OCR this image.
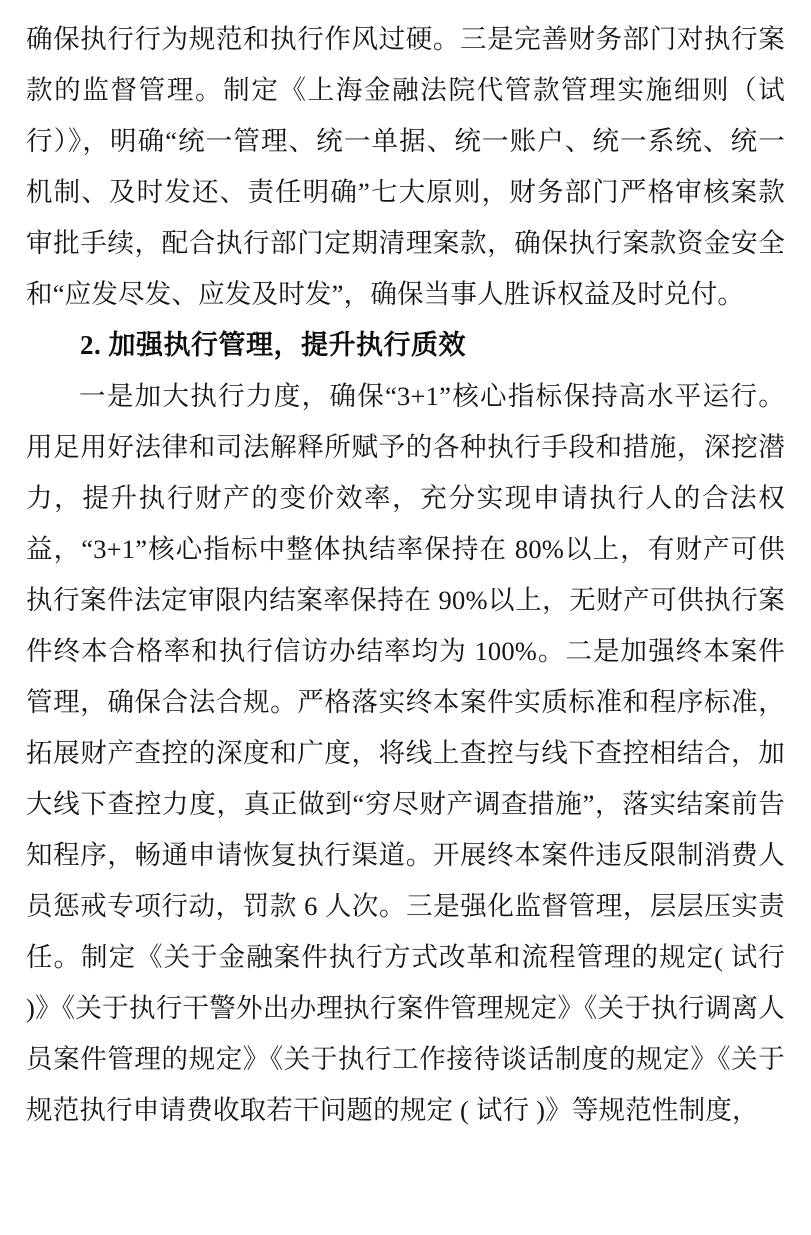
确保执行行为规范和执行作风过硬。三是完善财务部门对执行案款的监督管理。制定《上海金融法院代管款管理实施细则（试行）》，明确“统一管理、统一单据、统一账户、统一系统、统一机制、及时发还、责任明确”七大原则，财务部门严格审核案款审批手续，配合执行部门定期清理案款，确保执行案款资金安全和“应发尽发、应发及时发”，确保当事人胜诉权益及时兑付。

2. 加强执行管理，提升执行质效

一是加大执行力度，确保“3+1”核心指标保持高水平运行。用足用好法律和司法解释所赋予的各种执行手段和措施，深挖潜力，提升执行财产的变价效率，充分实现申请执行人的合法权益，“3+1”核心指标中整体执结率保持在 80%以上，有财产可供执行案件法定审限内结案率保持在 90%以上，无财产可供执行案件终本合格率和执行信访办结率均为 100%。二是加强终本案件管理，确保合法合规。严格落实终本案件实质标准和程序标准，拓展财产查控的深度和广度，将线上查控与线下查控相结合，加大线下查控力度，真正做到“穷尽财产调查措施”，落实结案前告知程序，畅通申请恢复执行渠道。开展终本案件违反限制消费人员惩戒专项行动，罚款 6 人次。三是强化监督管理，层层压实责任。制定《关于金融案件执行方式改革和流程管理的规定( 试行 )》《关于执行干警外出办理执行案件管理规定》《关于执行调离人员案件管理的规定》《关于执行工作接待谈话制度的规定》《关于规范执行申请费收取若干问题的规定 ( 试行 )》等规范性制度，
